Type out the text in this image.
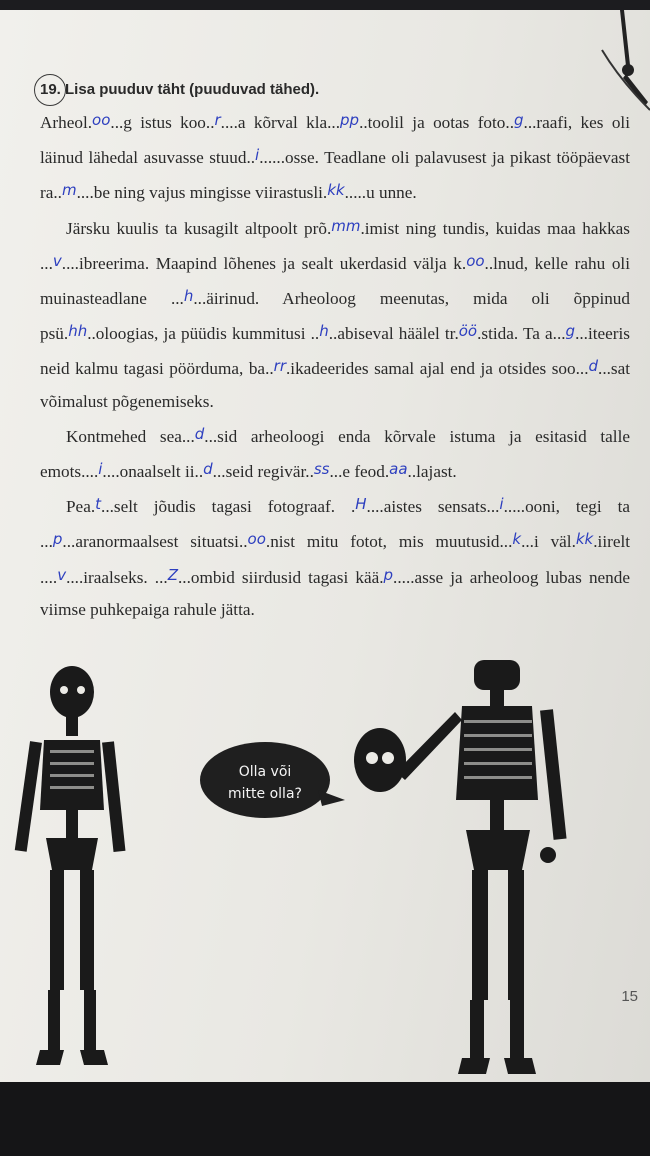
19. Lisa puuduv täht (puuduvad tähed).

Arheol.oo...g istus koo..r....a kõrval kla...pp..toolil ja ootas foto..g...raafi, kes oli läinud lähedal asuvasse stuud..i......osse. Teadlane oli palavusest ja pikast tööpäevast ra..m....be ning vajus mingisse viirastusli.kk.....u unne.

Järsku kuulis ta kusagilt altpoolt prõ.mm.imist ning tundis, kuidas maa hakkas ...v....ibreerima. Maapind lõhenes ja sealt ukerdasid välja k.oo..lnud, kelle rahu oli muinasteadlane ...h...äirinud. Arheoloog meenutas, mida oli õppinud psü.hh..oloogias, ja püüdis kummitusi ..h..abiseval häälel tr.öö.stida. Ta a...g...iteeris neid kalmu tagasi pöörduma, ba..rr.ikadeerides samal ajal end ja otsides soo...d...sat võimalust põgenemiseks.

Kontmehed sea...d...sid arheoloogi enda kõrvale istuma ja esitasid talle emots....i....onaalselt ii..d...seid regivär..ss...e feod.aa..lajast.

Pea.t...selt jõudis tagasi fotograaf. .H....aistes sensats...i.....ooni, tegi ta ...p...aranormaalsest situatsi..oo.nist mitu fotot, mis muutusid...k...i väl.kk.iirelt ....v....iraalseks. ...Z...ombid siirdusid tagasi kää.p.....asse ja arheoloog lubas nende viimse puhkepaiga rahule jätta.

Olla või
mitte olla?
15
